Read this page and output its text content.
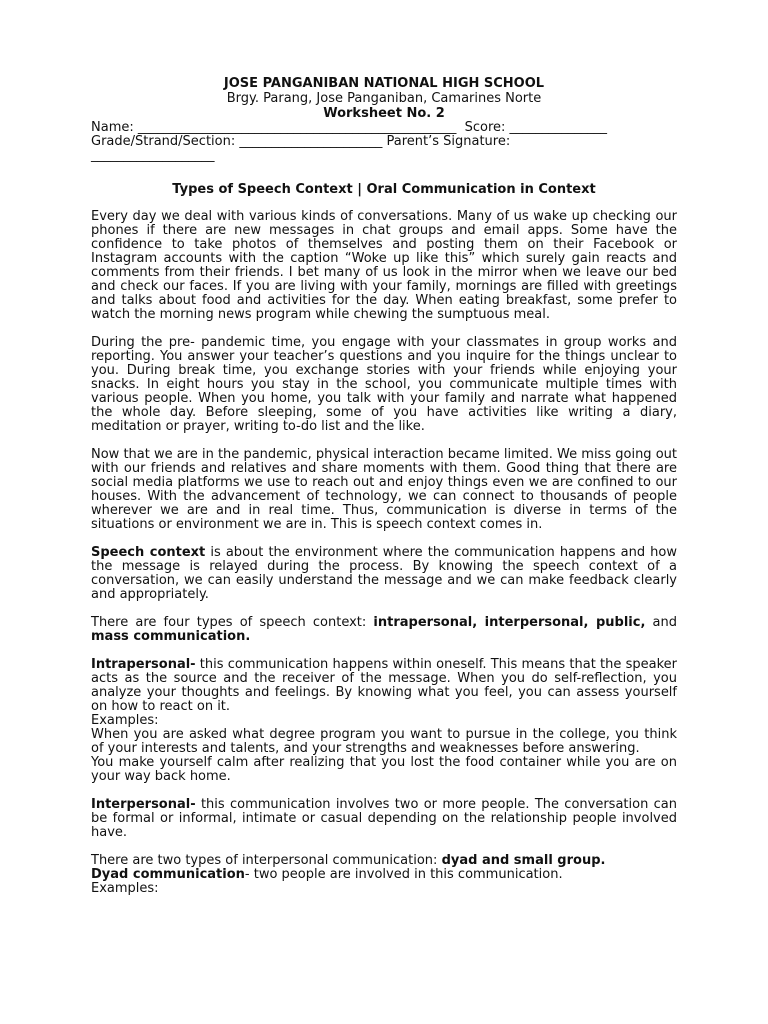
JOSE PANGANIBAN NATIONAL HIGH SCHOOL
Brgy. Parang, Jose Panganiban, Camarines Norte
Worksheet No. 2
Name: _________________________________________________  Score: _______________
Grade/Strand/Section: ______________________ Parent’s Signature:
___________________
Types of Speech Context | Oral Communication in Context

Every day we deal with various kinds of conversations. Many of us wake up checking our phones if there are new messages in chat groups and email apps. Some have the confidence to take photos of themselves and posting them on their Facebook or Instagram accounts with the caption “Woke up like this” which surely gain reacts and comments from their friends. I bet many of us look in the mirror when we leave our bed and check our faces. If you are living with your family, mornings are filled with greetings and talks about food and activities for the day. When eating breakfast, some prefer to watch the morning news program while chewing the sumptuous meal.

During the pre- pandemic time, you engage with your classmates in group works and reporting. You answer your teacher’s questions and you inquire for the things unclear to you. During break time, you exchange stories with your friends while enjoying your snacks. In eight hours you stay in the school, you communicate multiple times with various people. When you home, you talk with your family and narrate what happened the whole day. Before sleeping, some of you have activities like writing a diary, meditation or prayer, writing to-do list and the like.

Now that we are in the pandemic, physical interaction became limited. We miss going out with our friends and relatives and share moments with them. Good thing that there are social media platforms we use to reach out and enjoy things even we are confined to our houses. With the advancement of technology, we can connect to thousands of people wherever we are and in real time. Thus, communication is diverse in terms of the situations or environment we are in. This is speech context comes in.

Speech context is about the environment where the communication happens and how the message is relayed during the process. By knowing the speech context of a conversation, we can easily understand the message and we can make feedback clearly and appropriately.

There are four types of speech context: intrapersonal, interpersonal, public, and mass communication.

Intrapersonal- this communication happens within oneself. This means that the speaker acts as the source and the receiver of the message. When you do self-reflection, you analyze your thoughts and feelings. By knowing what you feel, you can assess yourself on how to react on it.

Examples:

When you are asked what degree program you want to pursue in the college, you think of your interests and talents, and your strengths and weaknesses before answering.

You make yourself calm after realizing that you lost the food container while you are on your way back home.

Interpersonal- this communication involves two or more people. The conversation can be formal or informal, intimate or casual depending on the relationship people involved have.

There are two types of interpersonal communication: dyad and small group.

Dyad communication- two people are involved in this communication.

Examples:
